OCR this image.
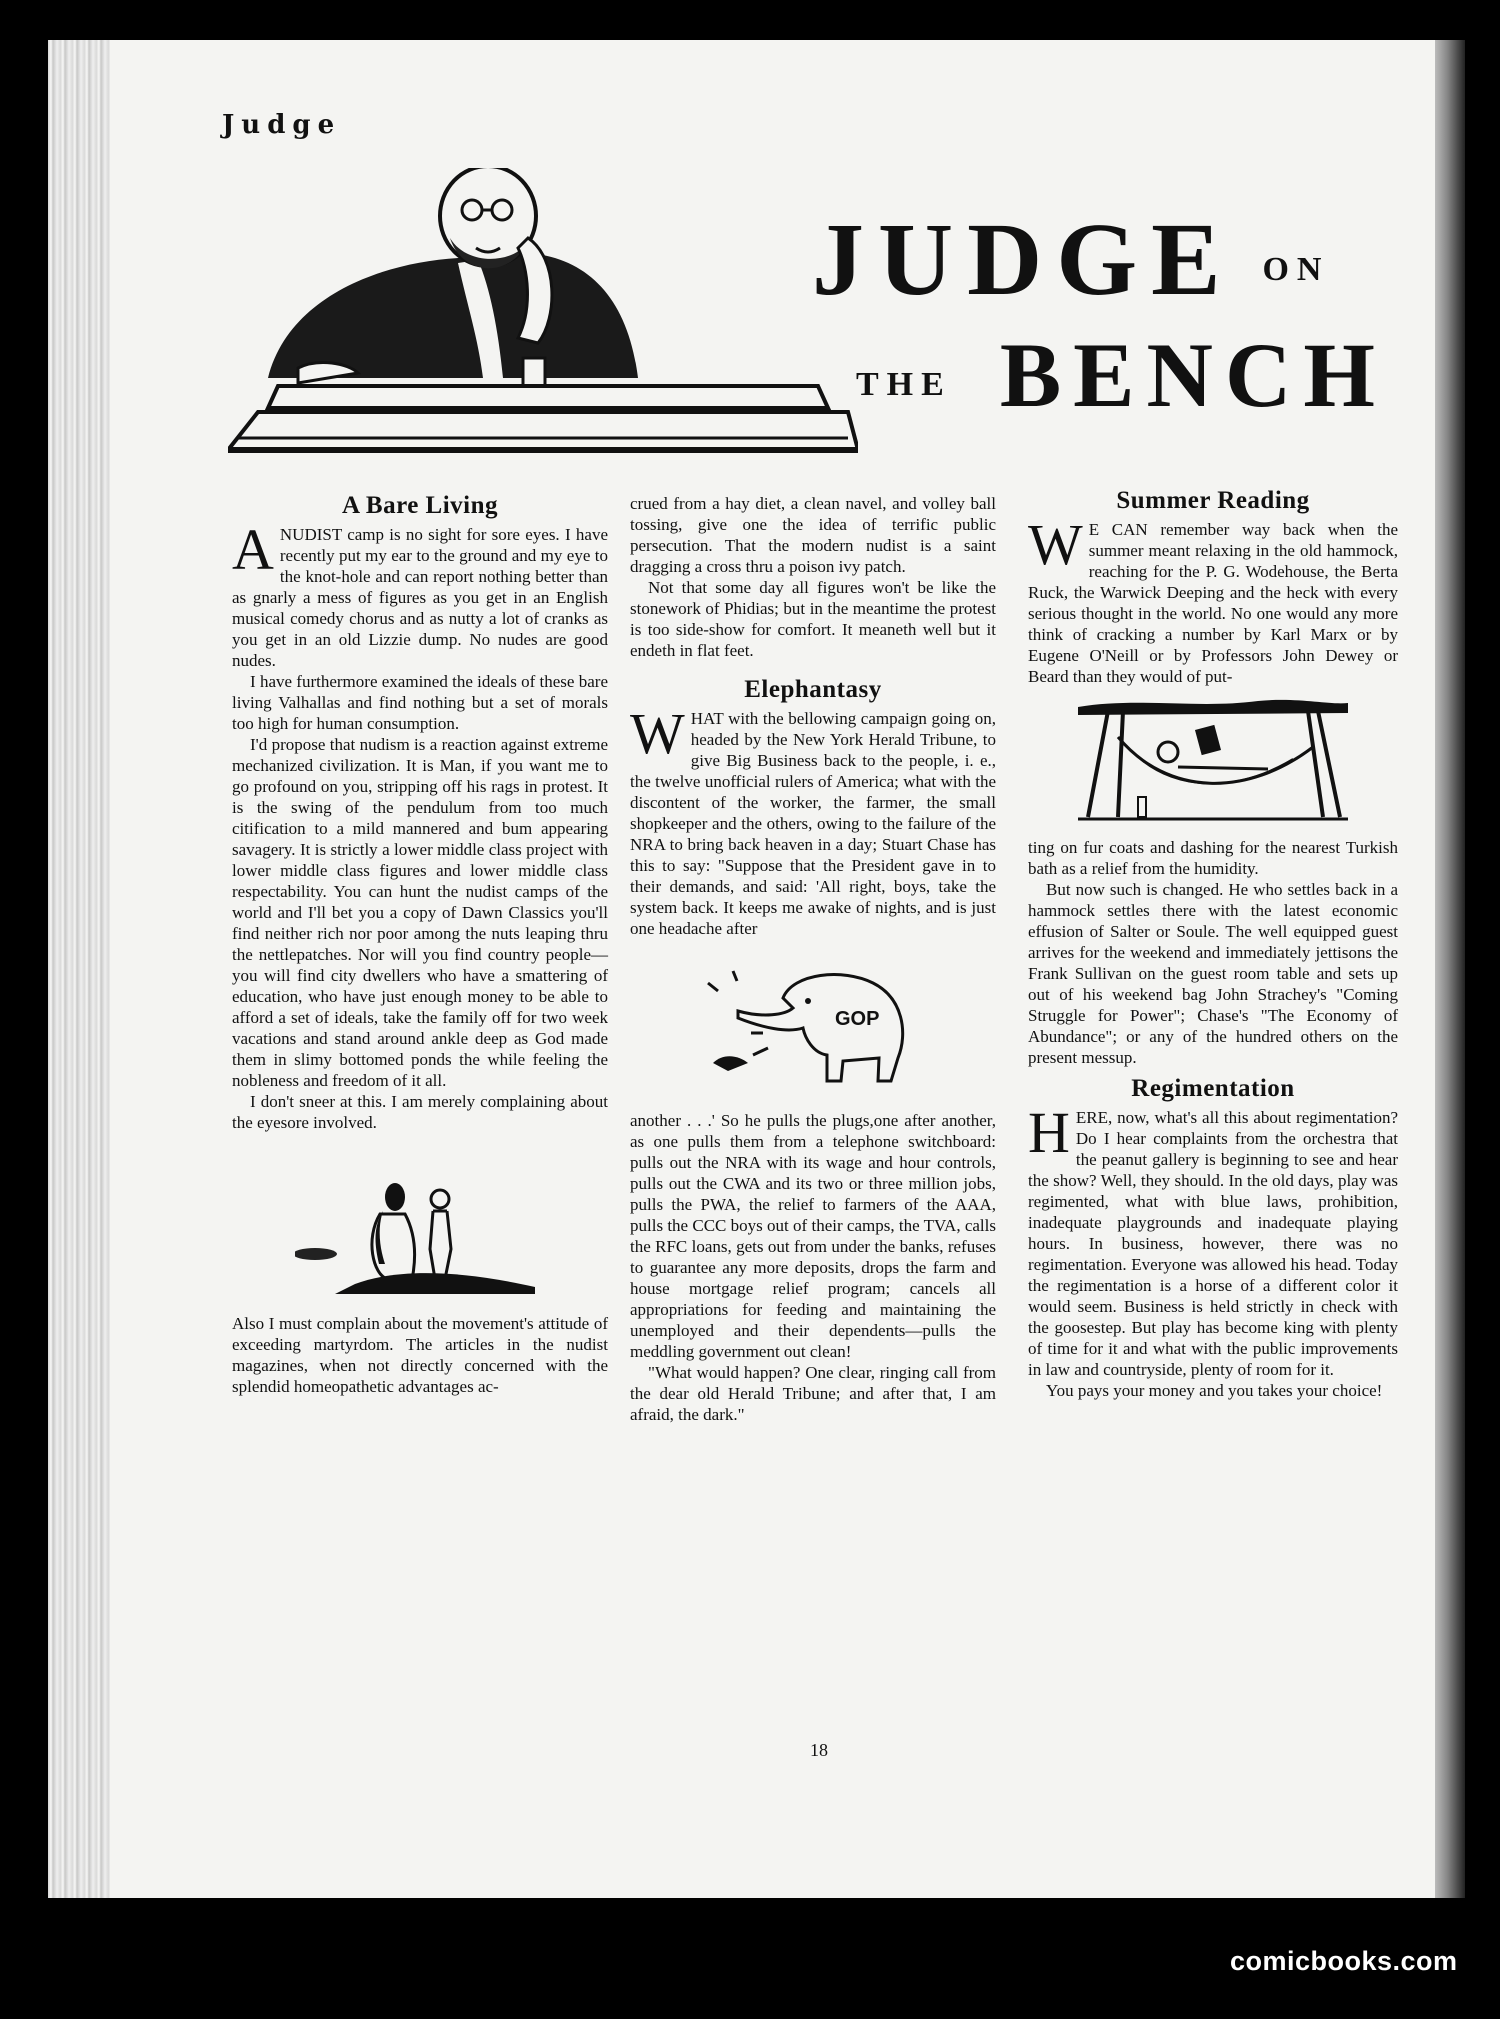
Judge
JUDGE ON
THE BENCH
A Bare Living

ANUDIST camp is no sight for sore eyes. I have recently put my ear to the ground and my eye to the knot-hole and can report nothing better than as gnarly a mess of figures as you get in an English musical comedy chorus and as nutty a lot of cranks as you get in an old Lizzie dump. No nudes are good nudes.

I have furthermore examined the ideals of these bare living Valhallas and find nothing but a set of morals too high for human consumption.

I'd propose that nudism is a reaction against extreme mechanized civilization. It is Man, if you want me to go profound on you, stripping off his rags in protest. It is the swing of the pendulum from too much citification to a mild mannered and bum appearing savagery. It is strictly a lower middle class project with lower middle class figures and lower middle class respectability. You can hunt the nudist camps of the world and I'll bet you a copy of Dawn Classics you'll find neither rich nor poor among the nuts leaping thru the nettlepatches. Nor will you find country people—you will find city dwellers who have a smattering of education, who have just enough money to be able to afford a set of ideals, take the family off for two week vacations and stand around ankle deep as God made them in slimy bottomed ponds the while feeling the nobleness and freedom of it all.

I don't sneer at this. I am merely complaining about the eyesore involved.

Also I must complain about the movement's attitude of exceeding martyrdom. The articles in the nudist magazines, when not directly concerned with the splendid homeopathetic advantages ac-

crued from a hay diet, a clean navel, and volley ball tossing, give one the idea of terrific public persecution. That the modern nudist is a saint dragging a cross thru a poison ivy patch.

Not that some day all figures won't be like the stonework of Phidias; but in the meantime the protest is too side-show for comfort. It meaneth well but it endeth in flat feet.

Elephantasy

WHAT with the bellowing campaign going on, headed by the New York Herald Tribune, to give Big Business back to the people, i. e., the twelve unofficial rulers of America; what with the discontent of the worker, the farmer, the small shopkeeper and the others, owing to the failure of the NRA to bring back heaven in a day; Stuart Chase has this to say: "Suppose that the President gave in to their demands, and said: 'All right, boys, take the system back. It keeps me awake of nights, and is just one headache after

GOP

another . . .' So he pulls the plugs,one after another, as one pulls them from a telephone switchboard: pulls out the NRA with its wage and hour controls, pulls out the CWA and its two or three million jobs, pulls the PWA, the relief to farmers of the AAA, pulls the CCC boys out of their camps, the TVA, calls the RFC loans, gets out from under the banks, refuses to guarantee any more deposits, drops the farm and house mortgage relief program; cancels all appropriations for feeding and maintaining the unemployed and their dependents—pulls the meddling government out clean!

"What would happen? One clear, ringing call from the dear old Herald Tribune; and after that, I am afraid, the dark."

Summer Reading

W E CAN remember way back when the summer meant relaxing in the old hammock, reaching for the P. G. Wodehouse, the Berta Ruck, the Warwick Deeping and the heck with every serious thought in the world. No one would any more think of cracking a number by Karl Marx or by Eugene O'Neill or by Professors John Dewey or Beard than they would of put-

ting on fur coats and dashing for the nearest Turkish bath as a relief from the humidity.

But now such is changed. He who settles back in a hammock settles there with the latest economic effusion of Salter or Soule. The well equipped guest arrives for the weekend and immediately jettisons the Frank Sullivan on the guest room table and sets up out of his weekend bag John Strachey's "Coming Struggle for Power"; Chase's "The Economy of Abundance"; or any of the hundred others on the present messup.

Regimentation

HERE, now, what's all this about regimentation? Do I hear complaints from the orchestra that the peanut gallery is beginning to see and hear the show? Well, they should. In the old days, play was regimented, what with blue laws, prohibition, inadequate playgrounds and inadequate playing hours. In business, however, there was no regimentation. Everyone was allowed his head. Today the regimentation is a horse of a different color it would seem. Business is held strictly in check with the goosestep. But play has become king with plenty of time for it and what with the public improvements in law and countryside, plenty of room for it.

You pays your money and you takes your choice!

18
comicbooks.com
